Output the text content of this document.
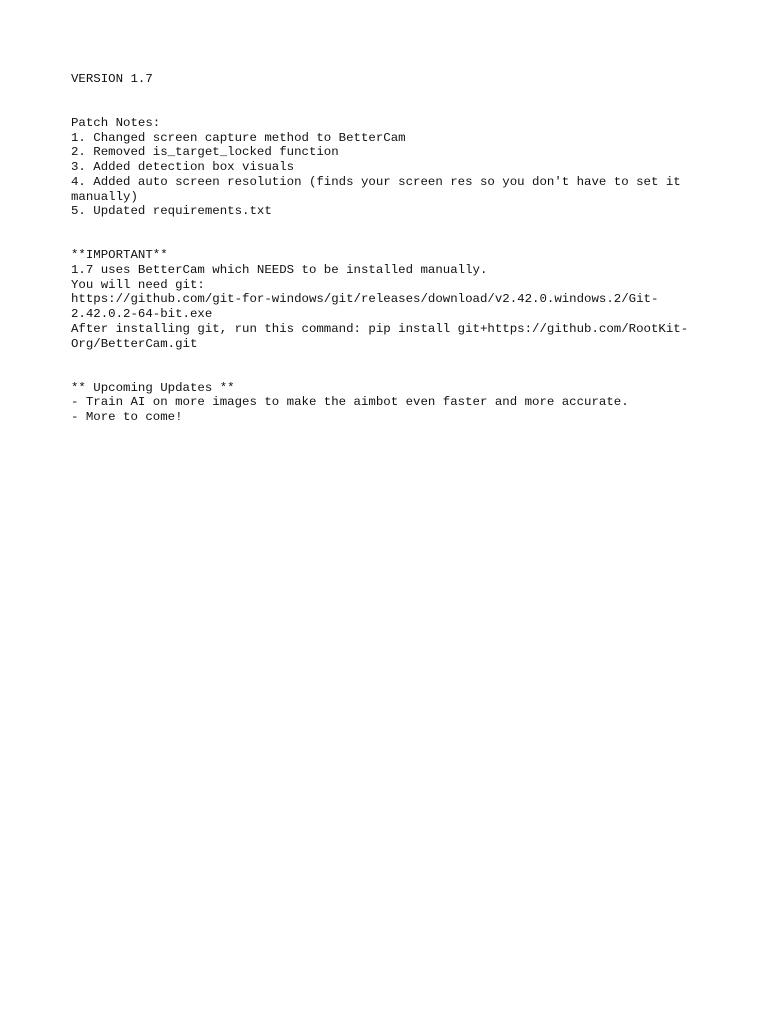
VERSION 1.7
Patch Notes:
1. Changed screen capture method to BetterCam
2. Removed is_target_locked function
3. Added detection box visuals
4. Added auto screen resolution (finds your screen res so you don't have to set it
manually)
5. Updated requirements.txt
**IMPORTANT**
1.7 uses BetterCam which NEEDS to be installed manually.
You will need git:
https://github.com/git-for-windows/git/releases/download/v2.42.0.windows.2/Git-
2.42.0.2-64-bit.exe
After installing git, run this command: pip install git+https://github.com/RootKit-
Org/BetterCam.git
** Upcoming Updates **
- Train AI on more images to make the aimbot even faster and more accurate.
- More to come!
